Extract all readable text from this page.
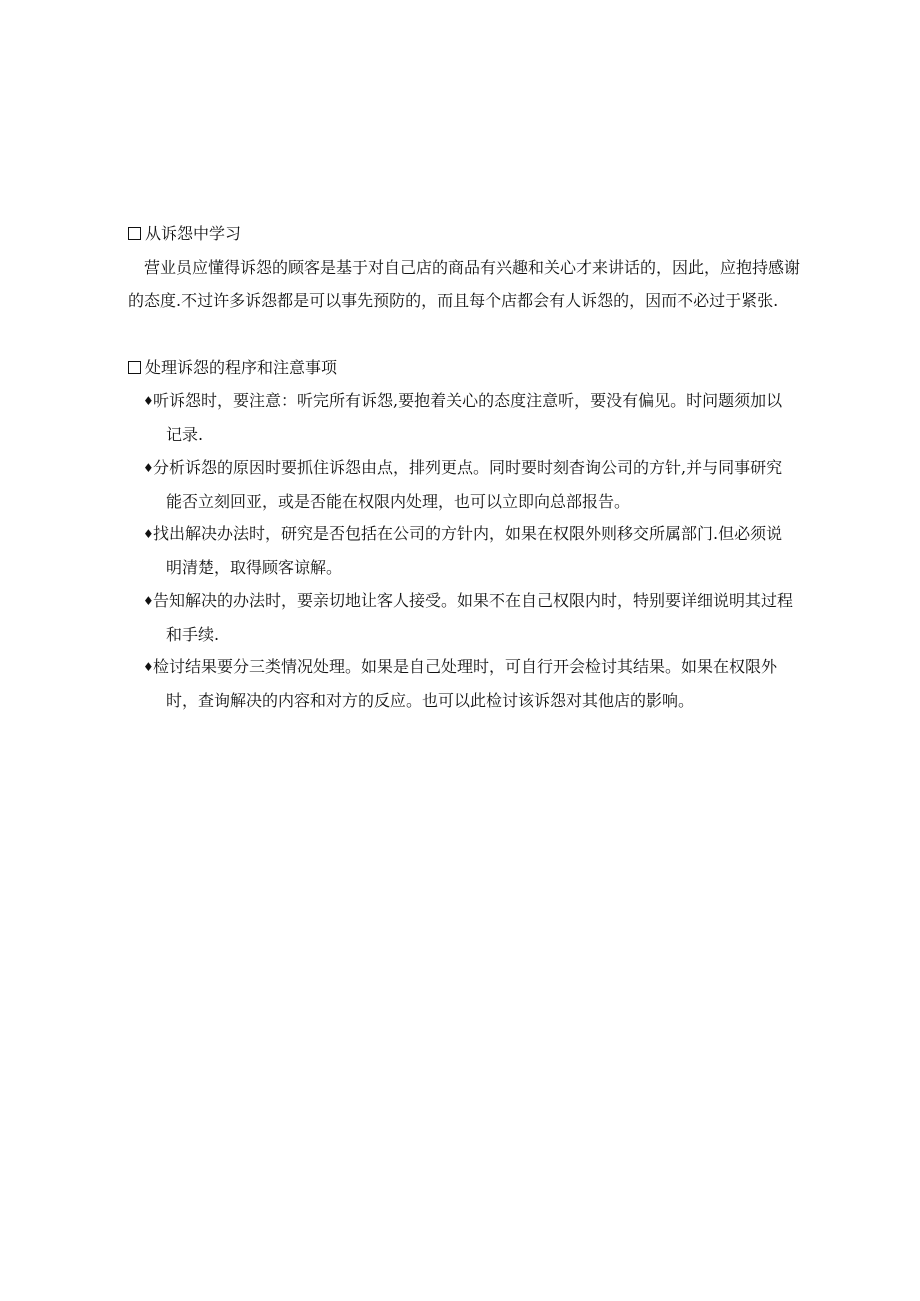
从诉怨中学习
营业员应懂得诉怨的顾客是基于对自己店的商品有兴趣和关心才来讲话的，因此，应抱持感谢的态度.不过许多诉怨都是可以事先预防的，而且每个店都会有人诉怨的，因而不必过于紧张.
处理诉怨的程序和注意事项
♦听诉怨时，要注意：听完所有诉怨,要抱着关心的态度注意听，要没有偏见。时问题须加以记录.
♦分析诉怨的原因时要抓住诉怨由点，排列更点。同时要时刻杳询公司的方针,并与同事研究能否立刻回亚，或是否能在权限内处理，也可以立即向总部报告。
♦找出解决办法时，研究是否包括在公司的方针内，如果在权限外则移交所属部门.但必须说明清楚，取得顾客谅解。
♦告知解决的办法时，要亲切地让客人接受。如果不在自己权限内时，特别要详细说明其过程和手续.
♦检讨结果要分三类情况处理。如果是自己处理时，可自行开会检讨其结果。如果在权限外时，查询解决的内容和对方的反应。也可以此检讨该诉怨对其他店的影响。
